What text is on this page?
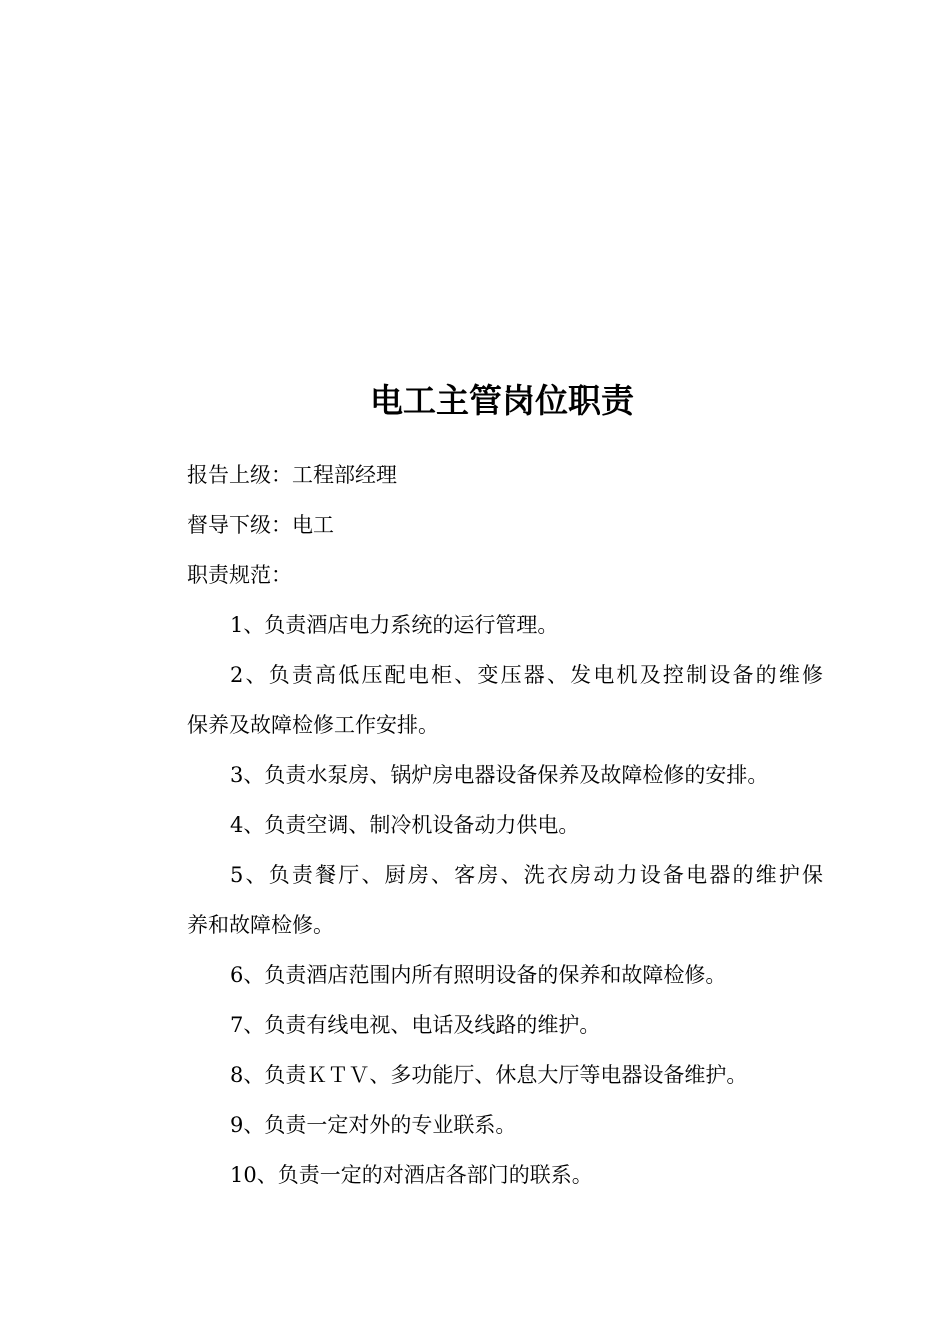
电工主管岗位职责

报告上级：工程部经理

督导下级：电工

职责规范：

1、负责酒店电力系统的运行管理。

2、负责高低压配电柜、变压器、发电机及控制设备的维修

保养及故障检修工作安排。

3、负责水泵房、锅炉房电器设备保养及故障检修的安排。

4、负责空调、制冷机设备动力供电。

5、负责餐厅、厨房、客房、洗衣房动力设备电器的维护保

养和故障检修。

6、负责酒店范围内所有照明设备的保养和故障检修。

7、负责有线电视、电话及线路的维护。

8、负责ＫＴＶ、多功能厅、休息大厅等电器设备维护。

9、负责一定对外的专业联系。

10、负责一定的对酒店各部门的联系。
